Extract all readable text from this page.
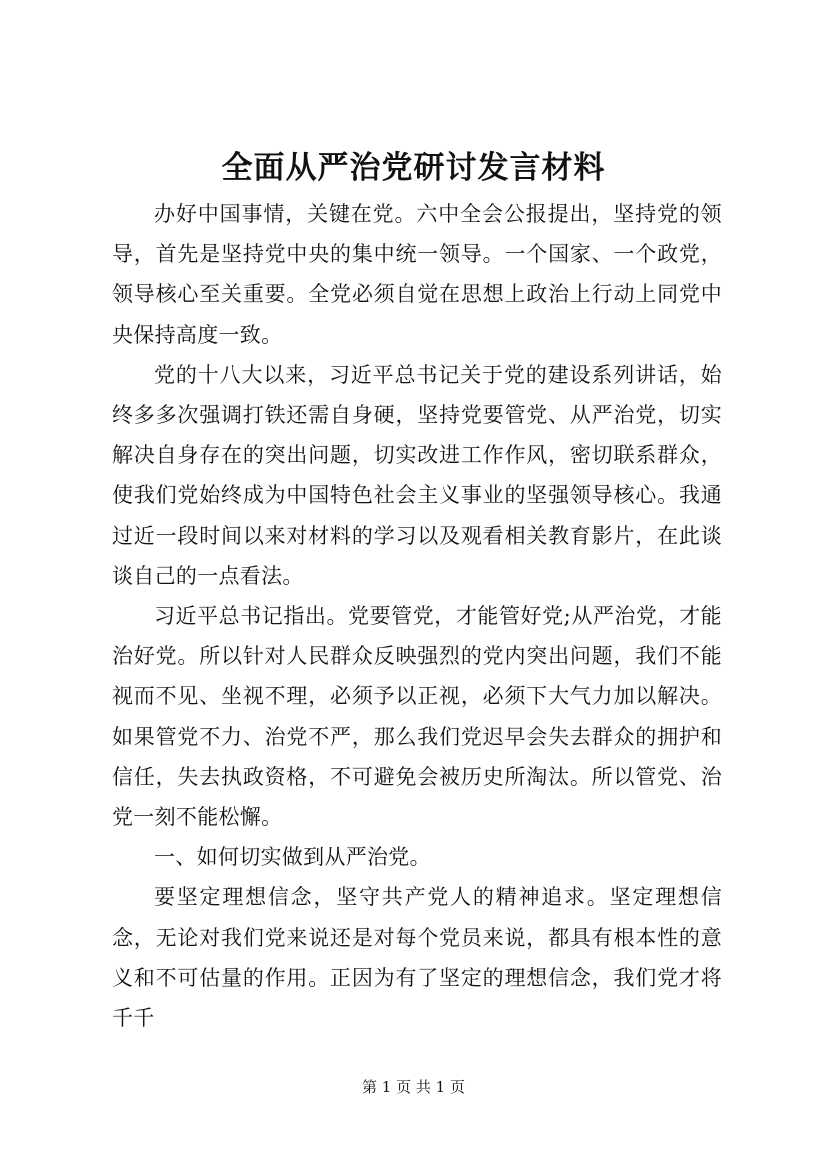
全面从严治党研讨发言材料

办好中国事情，关键在党。六中全会公报提出，坚持党的领导，首先是坚持党中央的集中统一领导。一个国家、一个政党，领导核心至关重要。全党必须自觉在思想上政治上行动上同党中央保持高度一致。

党的十八大以来，习近平总书记关于党的建设系列讲话，始终多多次强调打铁还需自身硬，坚持党要管党、从严治党，切实解决自身存在的突出问题，切实改进工作作风，密切联系群众，使我们党始终成为中国特色社会主义事业的坚强领导核心。我通过近一段时间以来对材料的学习以及观看相关教育影片，在此谈谈自己的一点看法。

习近平总书记指出。党要管党，才能管好党;从严治党，才能治好党。所以针对人民群众反映强烈的党内突出问题，我们不能视而不见、坐视不理，必须予以正视，必须下大气力加以解决。如果管党不力、治党不严，那么我们党迟早会失去群众的拥护和信任，失去执政资格，不可避免会被历史所淘汰。所以管党、治党一刻不能松懈。

一、如何切实做到从严治党。

要坚定理想信念，坚守共产党人的精神追求。坚定理想信念，无论对我们党来说还是对每个党员来说，都具有根本性的意义和不可估量的作用。正因为有了坚定的理想信念，我们党才将千千

第 1 页 共 1 页
